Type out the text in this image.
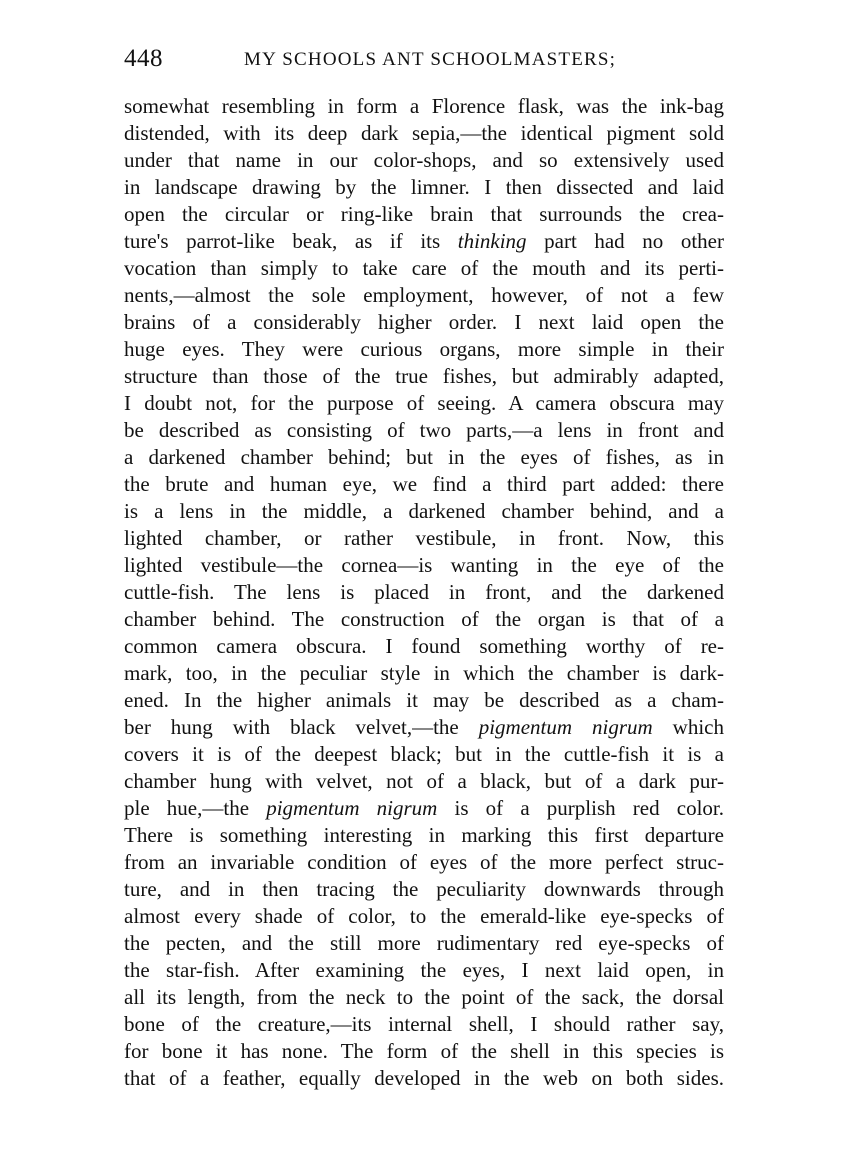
448	MY SCHOOLS ANT SCHOOLMASTERS;
somewhat resembling in form a Florence flask, was the ink-bag
distended, with its deep dark sepia,—the identical pigment sold
under that name in our color-shops, and so extensively used
in landscape drawing by the limner. I then dissected and laid
open the circular or ring-like brain that surrounds the crea-
ture's parrot-like beak, as if its thinking part had no other
vocation than simply to take care of the mouth and its perti-
nents,—almost the sole employment, however, of not a few
brains of a considerably higher order. I next laid open the
huge eyes. They were curious organs, more simple in their
structure than those of the true fishes, but admirably adapted,
I doubt not, for the purpose of seeing. A camera obscura may
be described as consisting of two parts,—a lens in front and
a darkened chamber behind; but in the eyes of fishes, as in
the brute and human eye, we find a third part added: there
is a lens in the middle, a darkened chamber behind, and a
lighted chamber, or rather vestibule, in front. Now, this
lighted vestibule—the cornea—is wanting in the eye of the
cuttle-fish. The lens is placed in front, and the darkened
chamber behind. The construction of the organ is that of a
common camera obscura. I found something worthy of re-
mark, too, in the peculiar style in which the chamber is dark-
ened. In the higher animals it may be described as a cham-
ber hung with black velvet,—the pigmentum nigrum which
covers it is of the deepest black; but in the cuttle-fish it is a
chamber hung with velvet, not of a black, but of a dark pur-
ple hue,—the pigmentum nigrum is of a purplish red color.
There is something interesting in marking this first departure
from an invariable condition of eyes of the more perfect struc-
ture, and in then tracing the peculiarity downwards through
almost every shade of color, to the emerald-like eye-specks of
the pecten, and the still more rudimentary red eye-specks of
the star-fish. After examining the eyes, I next laid open, in
all its length, from the neck to the point of the sack, the dorsal
bone of the creature,—its internal shell, I should rather say,
for bone it has none. The form of the shell in this species is
that of a feather, equally developed in the web on both sides.
